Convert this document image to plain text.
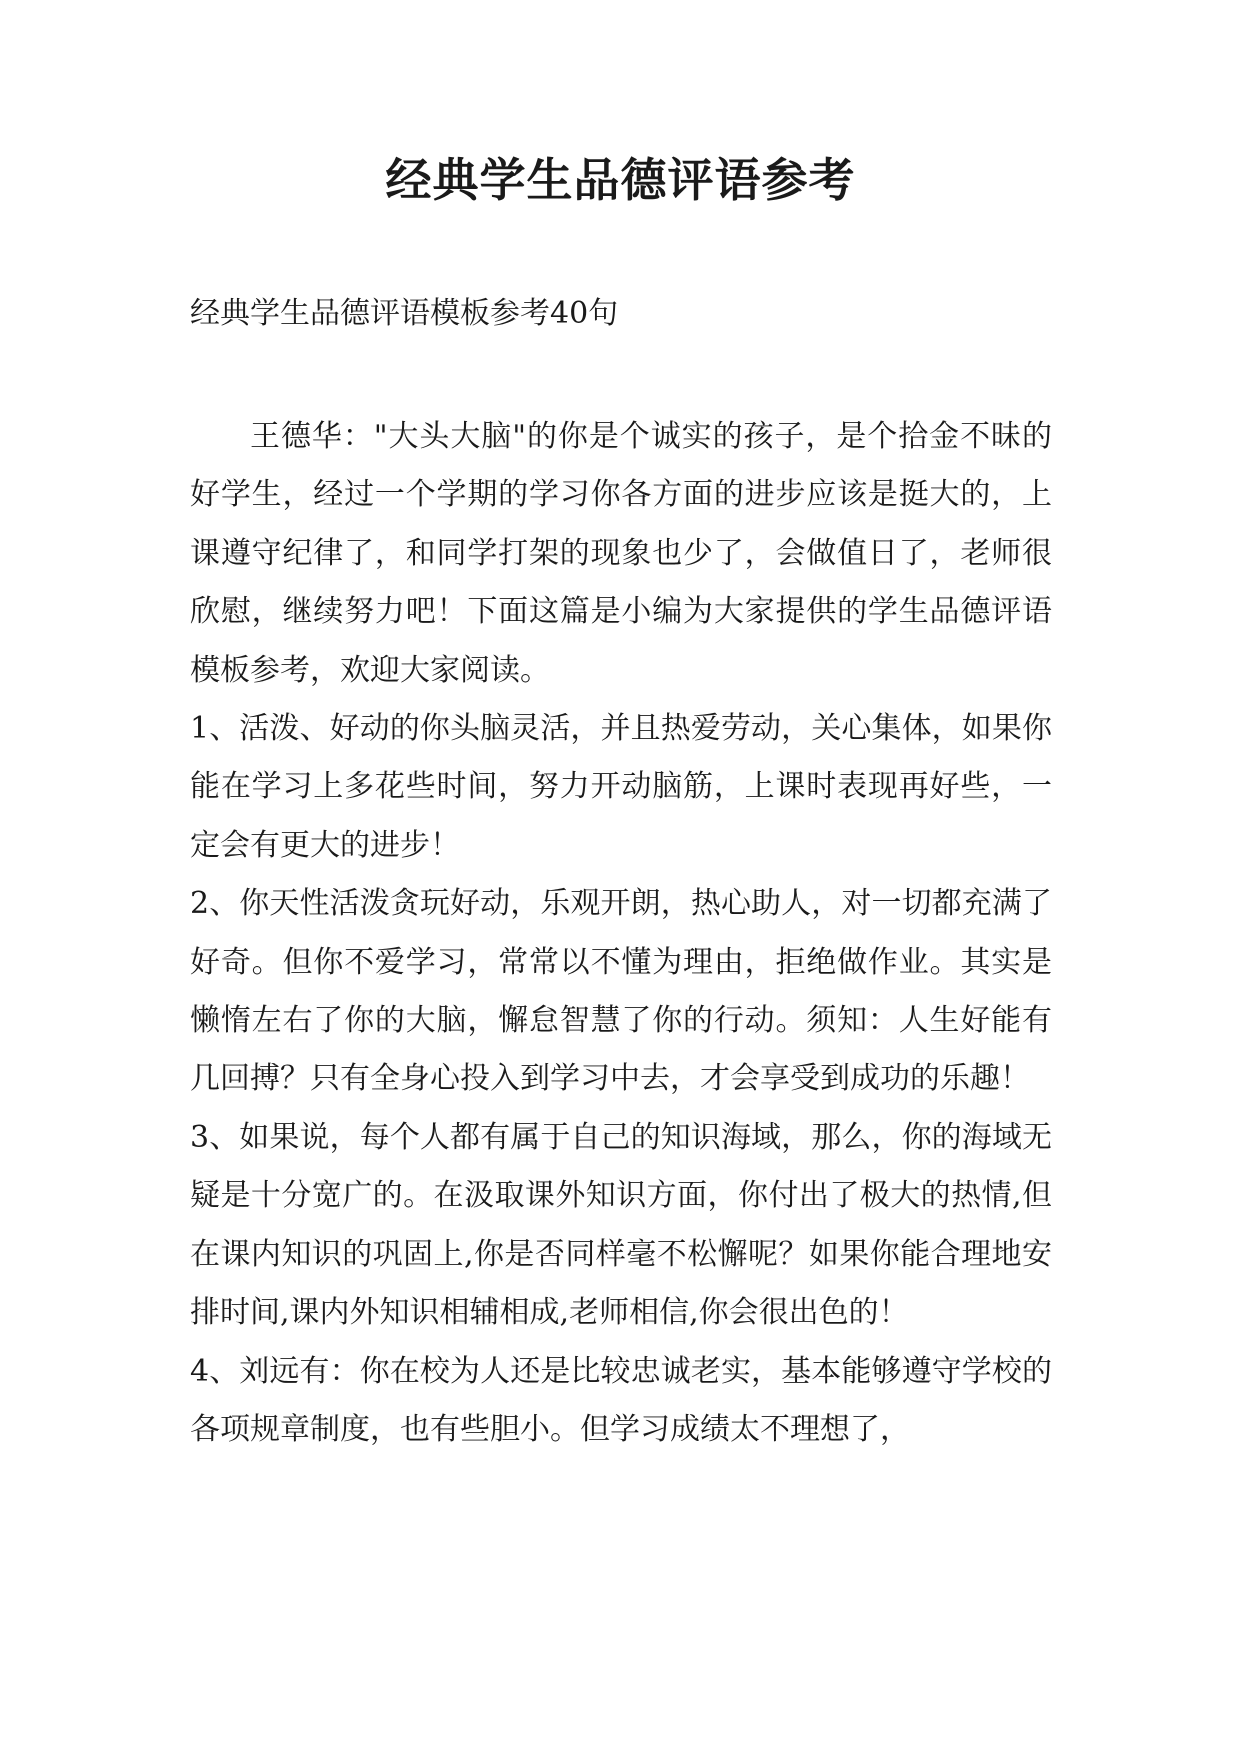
经典学生品德评语参考

经典学生品德评语模板参考40句

王德华："大头大脑"的你是个诚实的孩子，是个拾金不昧的好学生，经过一个学期的学习你各方面的进步应该是挺大的，上课遵守纪律了，和同学打架的现象也少了，会做值日了，老师很欣慰，继续努力吧！下面这篇是小编为大家提供的学生品德评语模板参考，欢迎大家阅读。

1、活泼、好动的你头脑灵活，并且热爱劳动，关心集体，如果你能在学习上多花些时间，努力开动脑筋，上课时表现再好些，一定会有更大的进步！

2、你天性活泼贪玩好动，乐观开朗，热心助人，对一切都充满了好奇。但你不爱学习，常常以不懂为理由，拒绝做作业。其实是懒惰左右了你的大脑，懈怠智慧了你的行动。须知：人生好能有几回搏？只有全身心投入到学习中去，才会享受到成功的乐趣！

3、如果说，每个人都有属于自己的知识海域，那么，你的海域无疑是十分宽广的。在汲取课外知识方面，你付出了极大的热情,但在课内知识的巩固上,你是否同样毫不松懈呢？如果你能合理地安排时间,课内外知识相辅相成,老师相信,你会很出色的！

4、刘远有：你在校为人还是比较忠诚老实，基本能够遵守学校的各项规章制度，也有些胆小。但学习成绩太不理想了，
